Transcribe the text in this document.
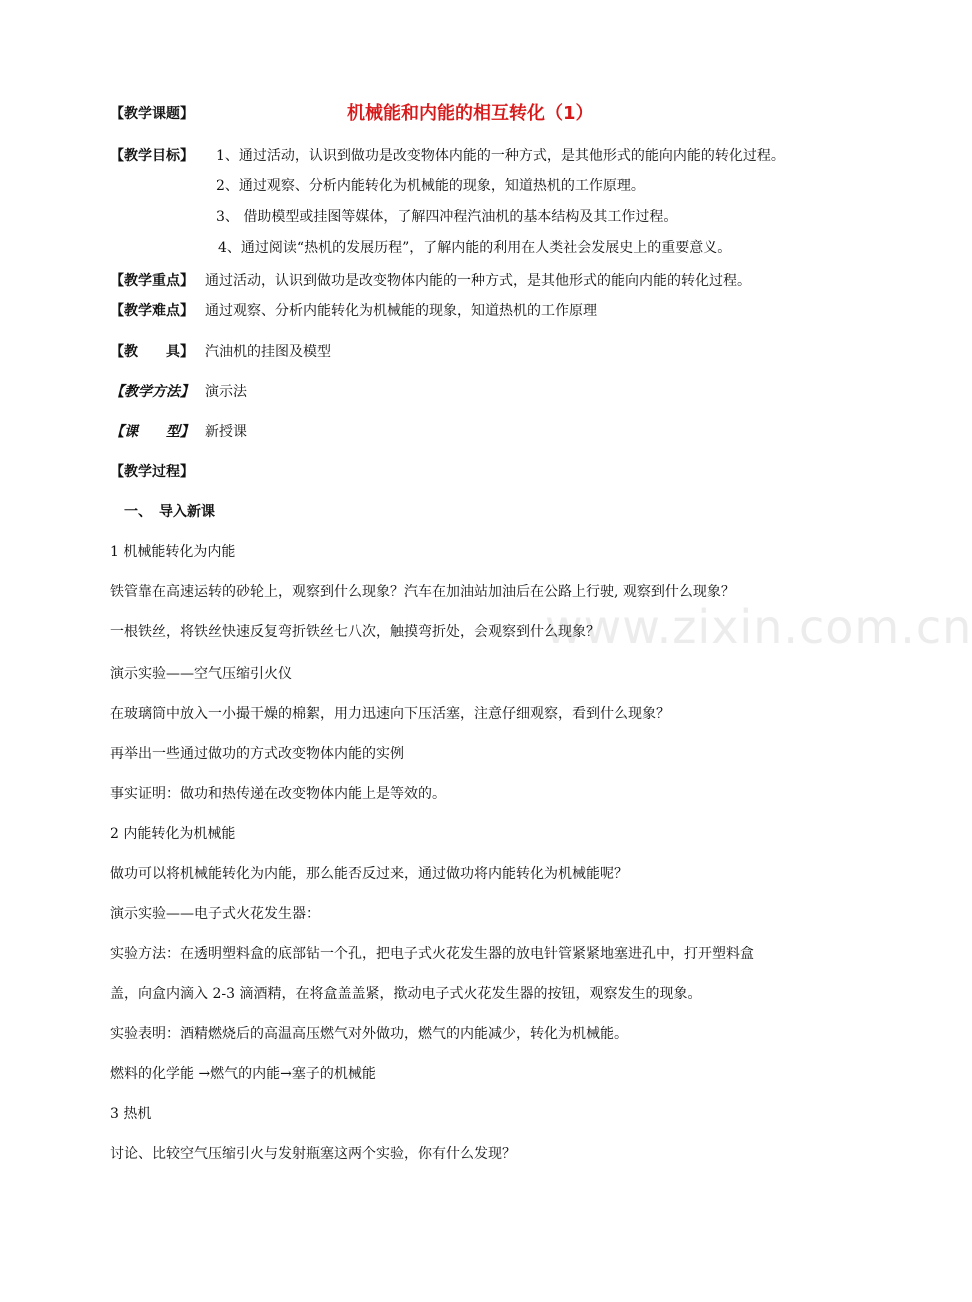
www.zixin.com.cn
【教学课题】	机械能和内能的相互转化（1）
【教学目标】 1、通过活动，认识到做功是改变物体内能的一种方式，是其他形式的能向内能的转化过程。
2、通过观察、分析内能转化为机械能的现象，知道热机的工作原理。
3、 借助模型或挂图等媒体，了解四冲程汽油机的基本结构及其工作过程。
4、通过阅读“热机的发展历程”，了解内能的利用在人类社会发展史上的重要意义。
【教学重点】 通过活动，认识到做功是改变物体内能的一种方式，是其他形式的能向内能的转化过程。
【教学难点】 通过观察、分析内能转化为机械能的现象，知道热机的工作原理
【教　　具】 汽油机的挂图及模型
【教学方法】 演示法
【课　　型】 新授课
【教学过程】
一、　导入新课
1 机械能转化为内能
铁管靠在高速运转的砂轮上，观察到什么现象？汽车在加油站加油后在公路上行驶, 观察到什么现象？
一根铁丝，将铁丝快速反复弯折铁丝七八次，触摸弯折处，会观察到什么现象？
演示实验——空气压缩引火仪
在玻璃筒中放入一小撮干燥的棉絮，用力迅速向下压活塞，注意仔细观察，看到什么现象？
再举出一些通过做功的方式改变物体内能的实例
事实证明：做功和热传递在改变物体内能上是等效的。
2 内能转化为机械能
做功可以将机械能转化为内能，那么能否反过来，通过做功将内能转化为机械能呢？
演示实验——电子式火花发生器：
实验方法：在透明塑料盒的底部钻一个孔，把电子式火花发生器的放电针管紧紧地塞进孔中，打开塑料盒
盖，向盒内滴入 2-3 滴酒精，在将盒盖盖紧，揿动电子式火花发生器的按钮，观察发生的现象。
实验表明：酒精燃烧后的高温高压燃气对外做功，燃气的内能减少，转化为机械能。
燃料的化学能 →燃气的内能→塞子的机械能
3 热机
讨论、比较空气压缩引火与发射瓶塞这两个实验，你有什么发现？
